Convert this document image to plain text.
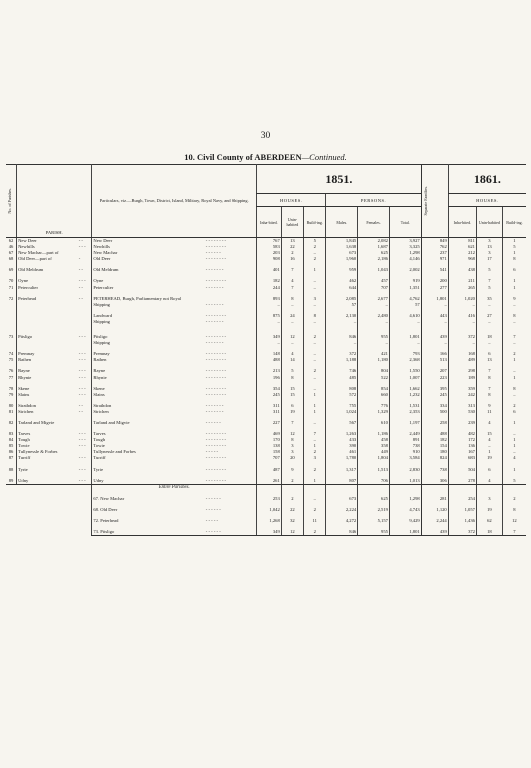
30
10. Civil County of ABERDEEN—Continued.
No. of Parishes.	PARISH.		Particulars, viz.—Burgh, Town, District, Island, Military, Royal Navy, and Shipping.		1851.						Separate Families.	1861.		
					HOUSES.			PERSONS.				HOUSES.		
					Inha-bited.	Unin-habited	Build-ing.	Males.	Females.	Total.		Inha-bited.	Unin-habited	Build-ing.
62	New Deer	- -	New Deer	- - - - - - - -	767	13	5	1,845	2,082	3,927	849	811	3	1
46	Newhills	- - -	Newhills	- - - - - - - -	583	22	2	1,638	1,687	3,325	762	621	13	5
67	New Machar—part of		New Machar	- - - - - -	203	2	–	673	625	1,298	237	212	3	1
68	Old Deer—part of	-	Old Deer	- - - - - - - -	908	16	2	1,960	2,186	4,146	971	968	17	8

69	Old Meldrum	- -	Old Meldrum	- - - - - - -	401	7	1	959	1,043	2,002	541	438	5	6

70	Oyne	- - -	Oyne	- - - - - - - -	182	4	–	462	457	919	200	211	7	1
71	Peterculter	- -	Peterculter	- - - - - - -	244	7	–	644	707	1,351	277	265	5	1

72	Peterhead	- -	PETERHEAD, Burgh, Parliamentary not Royal		893	8	3	2,085	2,677	4,762	1,801	1,020	35	9
			Shipping	- - - - - - -	–	–	–	57	–	57	–	–	–	–

			Landward	- - - - - - - -	875	24	8	2,130	2,480	4,610	443	416	27	8
			Shipping	- - - - - - -	–	–	–	–	–	–	–	–	–	–

73	Pitsligo	- - -	Pitsligo	- - - - - - - -	349	12	2	846	955	1,801	439	372	18	7
			Shipping	- - - - - - -	–	–	–	–	–	–	–	–	–	–

74	Premnay	- - -	Premnay	- - - - - - - -	148	4	–	372	421	793	166	168	6	2
75	Rathen	- - -	Rathen	- - - - - - - -	488	14	–	1,188	1,180	2,368	513	489	13	1

76	Rayne	- - -	Rayne	- - - - - - - -	213	5	2	746	804	1,550	207	298	7	–
77	Rhynie	- - -	Rhynie	- - - - - - - -	196	8	–	485	522	1,007	223	189	8	1

78	Skene	- - -	Skene	- - - - - - - -	354	15	–	808	854	1,662	395	359	7	8
79	Slains	- - -	Slains	- - - - - - - -	245	15	1	572	660	1,232	245	242	8	–

80	Strathdon	- -	Strathdon	- - - - - - -	311	6	1	755	776	1,531	334	313	9	2
81	Strichen	- -	Strichen	- - - - - - -	311	19	1	1,024	1,329	2,353	500	530	11	6

82	Tarland and Migvie		Tarland and Migvie	- - - - - -	227	7	–	567	610	1,197	258	239	4	1

83	Tarves	- - -	Tarves	- - - - - - - -	469	12	7	1,263	1,186	2,449	488	482	15	–
84	Tough	- - -	Tough	- - - - - - - -	170	8	–	433	458	891	182	172	4	1
85	Towie	- - -	Towie	- - - - - - - -	138	3	1	390	358	738	154	136	–	1
86	Tullynessle & Forbes		Tullynessle and Forbes	- - - - -	158	3	2	461	449	910	180	167	1	–
87	Turriff	- - -	Turriff	- - - - - - - -	707	20	3	1,780	1,804	3,584	824	683	19	4

88	Tyrie	- - -	Tyrie	- - - - - - - -	487	9	2	1,317	1,513	2,830	738	504	6	1

89	Udny	- - -	Udny	- - - - - - - -	261	2	1	807	706	1,013	306	278	4	5
			Entire Parishes.											

			67. New Machar	- - - - - -	253	2	–	673	625	1,298	281	254	3	2

			68. Old Deer	- - - - - -	1,042	22	2	2,224	2,519	4,743	1,120	1,057	19	8

			72. Peterhead	- - - - -	1,268	32	11	4,272	5,157	9,429	2,244	1,436	62	12

			73. Pitsligo	- - - - - -	349	12	2	846	955	1,801	439	372	18	7
